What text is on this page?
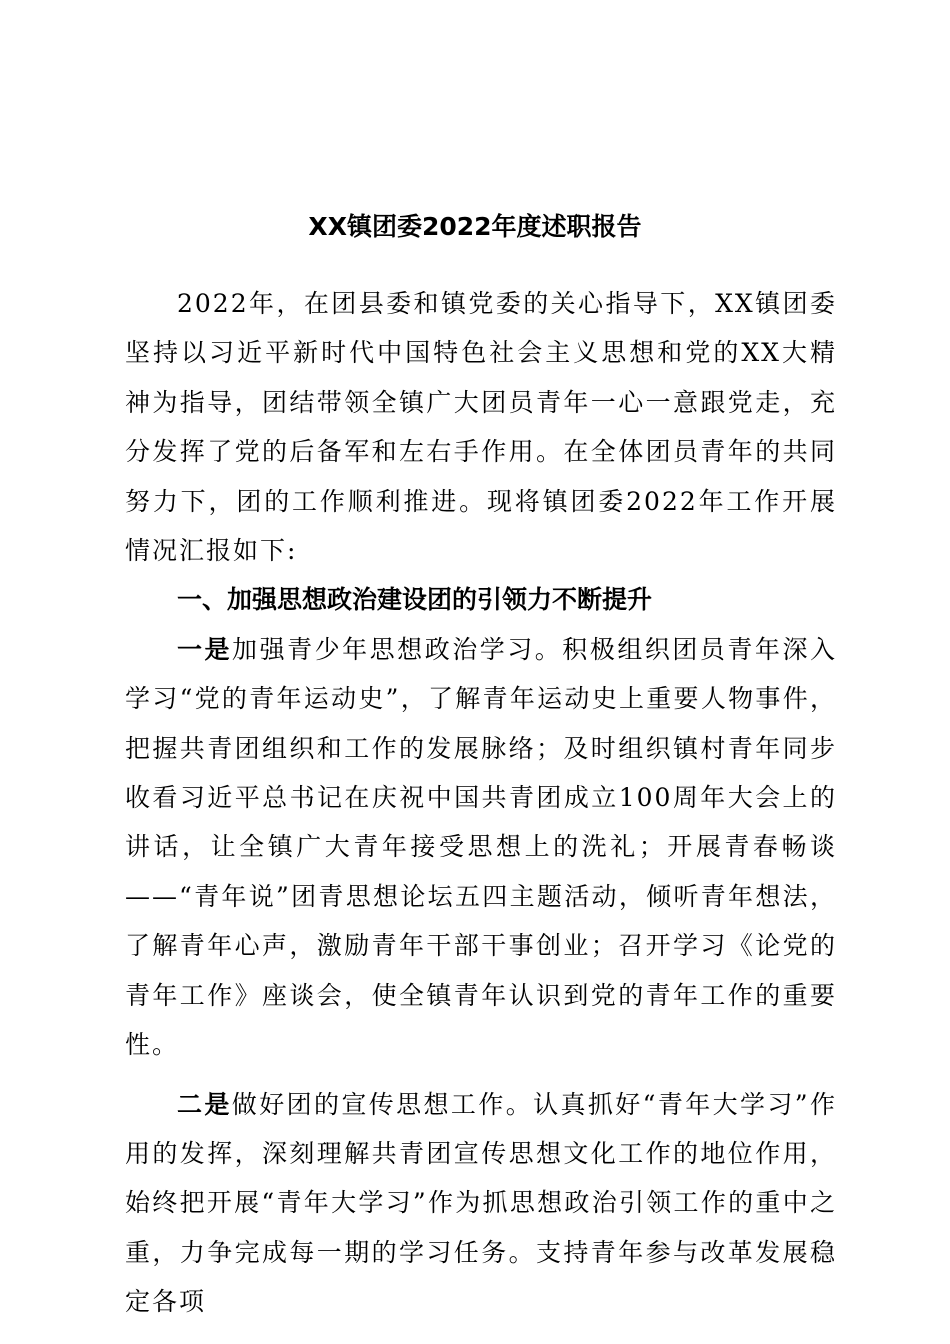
XX镇团委2022年度述职报告

2022年，在团县委和镇党委的关心指导下，XX镇团委坚持以习近平新时代中国特色社会主义思想和党的XX大精神为指导，团结带领全镇广大团员青年一心一意跟党走，充分发挥了党的后备军和左右手作用。在全体团员青年的共同努力下，团的工作顺利推进。现将镇团委2022年工作开展情况汇报如下:

一、加强思想政治建设团的引领力不断提升

一是加强青少年思想政治学习。积极组织团员青年深入学习“党的青年运动史”，了解青年运动史上重要人物事件，把握共青团组织和工作的发展脉络；及时组织镇村青年同步收看习近平总书记在庆祝中国共青团成立100周年大会上的讲话，让全镇广大青年接受思想上的洗礼；开展青春畅谈——“青年说”团青思想论坛五四主题活动，倾听青年想法，了解青年心声，激励青年干部干事创业；召开学习《论党的青年工作》座谈会，使全镇青年认识到党的青年工作的重要性。

二是做好团的宣传思想工作。认真抓好“青年大学习”作用的发挥，深刻理解共青团宣传思想文化工作的地位作用，始终把开展“青年大学习”作为抓思想政治引领工作的重中之重，力争完成每一期的学习任务。支持青年参与改革发展稳定各项
